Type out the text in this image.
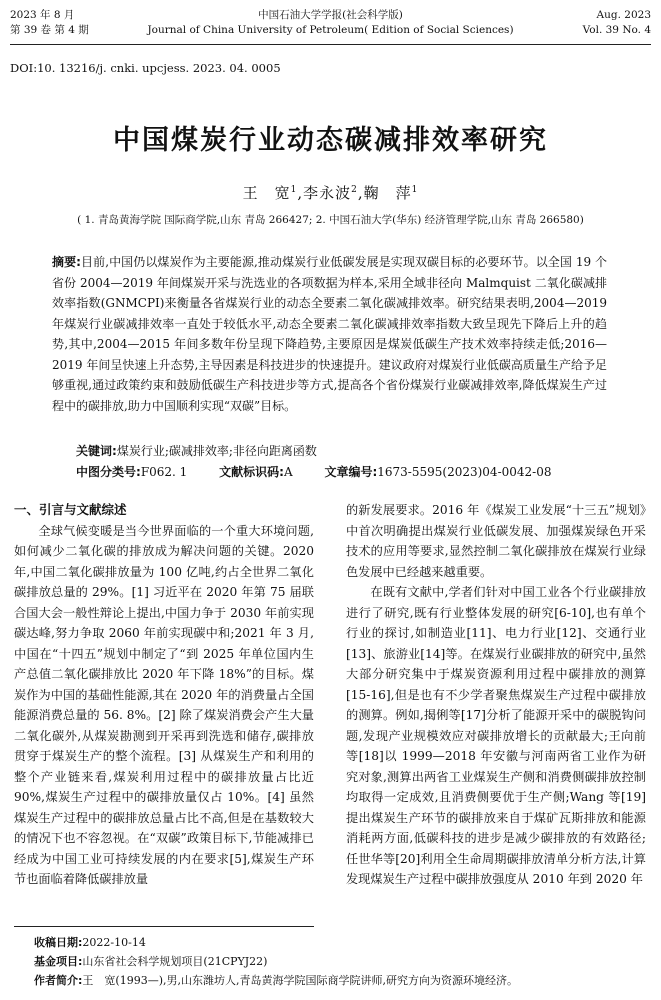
2023 年 8 月
第 39 卷 第 4 期
中国石油大学学报(社会科学版)
Journal of China University of Petroleum( Edition of Social Sciences)
Aug. 2023
Vol. 39 No. 4
DOI:10. 13216/j. cnki. upcjess. 2023. 04. 0005
中国煤炭行业动态碳减排效率研究
王　宽$^1$,李永波$^2$,鞠　萍$^1$
( 1. 青岛黄海学院 国际商学院,山东 青岛 266427; 2. 中国石油大学(华东) 经济管理学院,山东 青岛 266580)
摘要:目前,中国仍以煤炭作为主要能源,推动煤炭行业低碳发展是实现双碳目标的必要环节。以全国 19 个省份 2004—2019 年间煤炭开采与洗选业的各项数据为样本,采用全域非径向 Malmquist 二氧化碳减排效率指数(GNMCPI)来衡量各省煤炭行业的动态全要素二氧化碳减排效率。研究结果表明,2004—2019 年煤炭行业碳减排效率一直处于较低水平,动态全要素二氧化碳减排效率指数大致呈现先下降后上升的趋势,其中,2004—2015 年间多数年份呈现下降趋势,主要原因是煤炭低碳生产技术效率持续走低;2016—2019 年间呈快速上升态势,主导因素是科技进步的快速提升。建议政府对煤炭行业低碳高质量生产给予足够重视,通过政策约束和鼓励低碳生产科技进步等方式,提高各个省份煤炭行业碳减排效率,降低煤炭生产过程中的碳排放,助力中国顺利实现“双碳”目标。
关键词:煤炭行业;碳减排效率;非径向距离函数
中图分类号:F062. 1	文献标识码:A	文章编号:1673-5595(2023)04-0042-08
一、引言与文献综述

全球气候变暖是当今世界面临的一个重大环境问题,如何减少二氧化碳的排放成为解决问题的关键。2020 年,中国二氧化碳排放量为 100 亿吨,约占全世界二氧化碳排放总量的 29%。[1] 习近平在 2020 年第 75 届联合国大会一般性辩论上提出,中国力争于 2030 年前实现碳达峰,努力争取 2060 年前实现碳中和;2021 年 3 月,中国在“十四五”规划中制定了“到 2025 年单位国内生产总值二氧化碳排放比 2020 年下降 18%”的目标。煤炭作为中国的基础性能源,其在 2020 年的消费量占全国能源消费总量的 56. 8%。[2] 除了煤炭消费会产生大量二氧化碳外,从煤炭勘测到开采再到洗选和储存,碳排放贯穿于煤炭生产的整个流程。[3] 从煤炭生产和利用的整个产业链来看,煤炭利用过程中的碳排放量占比近 90%,煤炭生产过程中的碳排放量仅占 10%。[4] 虽然煤炭生产过程中的碳排放总量占比不高,但是在基数较大的情况下也不容忽视。在“双碳”政策目标下,节能减排已经成为中国工业可持续发展的内在要求[5],煤炭生产环节也面临着降低碳排放量

的新发展要求。2016 年《煤炭工业发展“十三五”规划》中首次明确提出煤炭行业低碳发展、加强煤炭绿色开采技术的应用等要求,显然控制二氧化碳排放在煤炭行业绿色发展中已经越来越重要。

在既有文献中,学者们针对中国工业各个行业碳排放进行了研究,既有行业整体发展的研究[6-10],也有单个行业的探讨,如制造业[11]、电力行业[12]、交通行业[13]、旅游业[14]等。在煤炭行业碳排放的研究中,虽然大部分研究集中于煤炭资源利用过程中碳排放的测算[15-16],但是也有不少学者聚焦煤炭生产过程中碳排放的测算。例如,揭俐等[17]分析了能源开采中的碳脱钩问题,发现产业规模效应对碳排放增长的贡献最大;王向前等[18]以 1999—2018 年安徽与河南两省工业作为研究对象,测算出两省工业煤炭生产侧和消费侧碳排放控制均取得一定成效,且消费侧要优于生产侧;Wang 等[19]提出煤炭生产环节的碳排放来自于煤矿瓦斯排放和能源消耗两方面,低碳科技的进步是减少碳排放的有效路径;任世华等[20]利用全生命周期碳排放清单分析方法,计算发现煤炭生产过程中碳排放强度从 2010 年到 2020 年

收稿日期:2022-10-14
基金项目:山东省社会科学规划项目(21CPYJ22)
作者简介:王　宽(1993—),男,山东潍坊人,青岛黄海学院国际商学院讲师,研究方向为资源环境经济。
